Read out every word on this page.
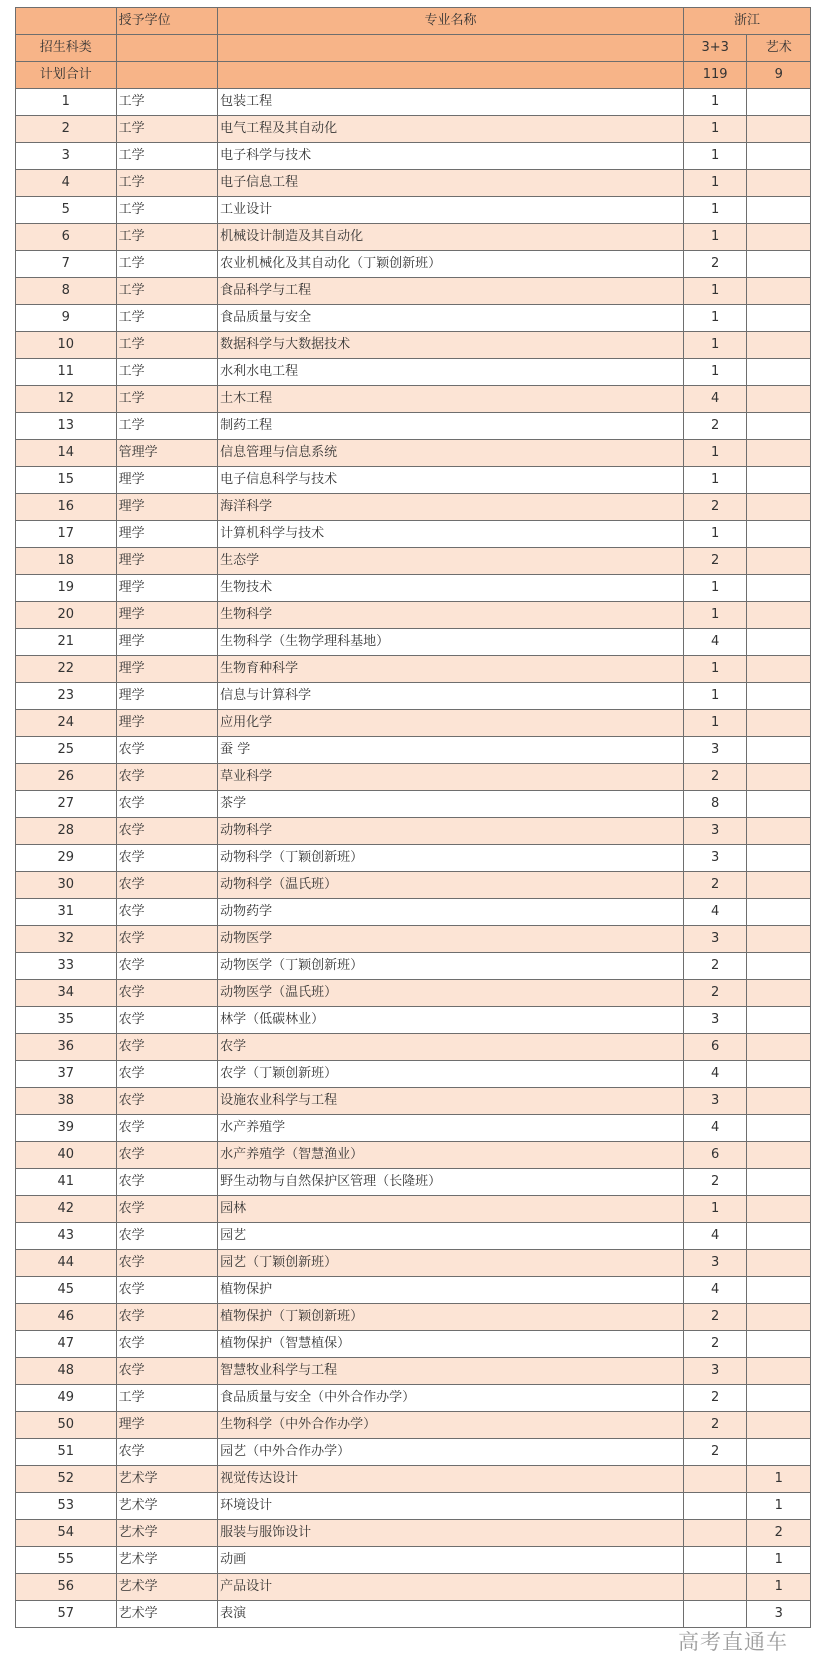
	授予学位	专业名称	浙江	
招生科类			3+3	艺术
计划合计			119	9
1	工学	包装工程	1	
2	工学	电气工程及其自动化	1	
3	工学	电子科学与技术	1	
4	工学	电子信息工程	1	
5	工学	工业设计	1	
6	工学	机械设计制造及其自动化	1	
7	工学	农业机械化及其自动化（丁颖创新班）	2	
8	工学	食品科学与工程	1	
9	工学	食品质量与安全	1	
10	工学	数据科学与大数据技术	1	
11	工学	水利水电工程	1	
12	工学	土木工程	4	
13	工学	制药工程	2	
14	管理学	信息管理与信息系统	1	
15	理学	电子信息科学与技术	1	
16	理学	海洋科学	2	
17	理学	计算机科学与技术	1	
18	理学	生态学	2	
19	理学	生物技术	1	
20	理学	生物科学	1	
21	理学	生物科学（生物学理科基地）	4	
22	理学	生物育种科学	1	
23	理学	信息与计算科学	1	
24	理学	应用化学	1	
25	农学	蚕 学	3	
26	农学	草业科学	2	
27	农学	茶学	8	
28	农学	动物科学	3	
29	农学	动物科学（丁颖创新班）	3	
30	农学	动物科学（温氏班）	2	
31	农学	动物药学	4	
32	农学	动物医学	3	
33	农学	动物医学（丁颖创新班）	2	
34	农学	动物医学（温氏班）	2	
35	农学	林学（低碳林业）	3	
36	农学	农学	6	
37	农学	农学（丁颖创新班）	4	
38	农学	设施农业科学与工程	3	
39	农学	水产养殖学	4	
40	农学	水产养殖学（智慧渔业）	6	
41	农学	野生动物与自然保护区管理（长隆班）	2	
42	农学	园林	1	
43	农学	园艺	4	
44	农学	园艺（丁颖创新班）	3	
45	农学	植物保护	4	
46	农学	植物保护（丁颖创新班）	2	
47	农学	植物保护（智慧植保）	2	
48	农学	智慧牧业科学与工程	3	
49	工学	食品质量与安全（中外合作办学）	2	
50	理学	生物科学（中外合作办学）	2	
51	农学	园艺（中外合作办学）	2	
52	艺术学	视觉传达设计		1
53	艺术学	环境设计		1
54	艺术学	服装与服饰设计		2
55	艺术学	动画		1
56	艺术学	产品设计		1
57	艺术学	表演		3
高考直通车
